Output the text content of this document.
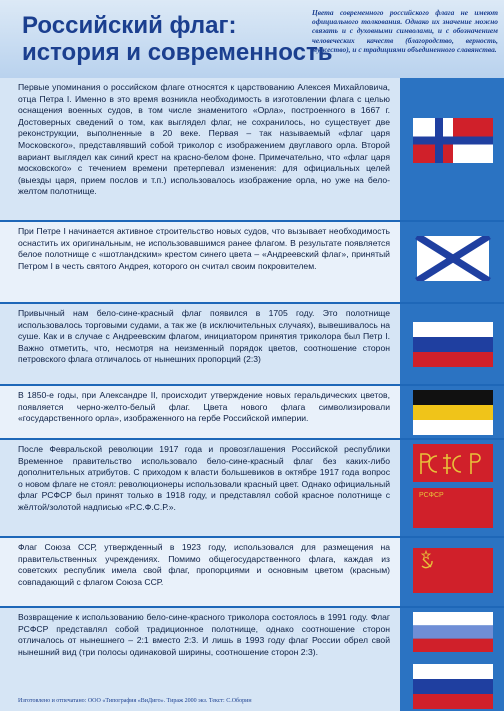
Российский флаг:
история и современность
Цвета современного российского флага не имеют официального толкования. Однако их значение можно связать и с духовными символами, и с обозначением человеческих качеств (благородство, верность, мужество), и с традициями объединенного славянства.
Первые упоминания о российском флаге относятся к царствованию Алексея Михайловича, отца Петра I. Именно в это время возникла необходимость в изготовлении флага с целью оснащения военных судов, в том числе знаменитого «Орла», построенного в 1667 г. Достоверных сведений о том, как выглядел флаг, не сохранилось, но существует две реконструкции, выполненные в 20 веке. Первая – так называемый «флаг царя Московского», представлявший собой триколор с изображением двуглавого орла. Второй вариант выглядел как синий крест на красно-белом фоне. Примечательно, что «флаг царя московского» с течением времени претерпевал изменения: для официальных целей (выезды царя, прием послов и т.п.) использовалось изображение орла, но уже на бело-желтом полотнище.
При Петре I начинается активное строительство новых судов, что вызывает необходимость оснастить их оригинальным, не использовавшимся ранее флагом. В результате появляется белое полотнище с «шотландским» крестом синего цвета – «Андреевский флаг», принятый Петром I в честь святого Андрея, которого он считал своим покровителем.
Привычный нам бело-сине-красный флаг появился в 1705 году. Это полотнище использовалось торговыми судами, а так же (в исключительных случаях), вывешивалось на суше. Как и в случае с Андреевским флагом, инициатором принятия триколора был Петр I. Важно отметить, что, несмотря на неизменный порядок цветов, соотношение сторон петровского флага отличалось от нынешних пропорций (2:3)
В 1850-е годы, при Александре II, происходит утверждение новых геральдических цветов, появляется черно-желто-белый флаг. Цвета нового флага символизировали «государственного орла», изображенного на гербе Российской империи.
После Февральской революции 1917 года и провозглашения Российской республики Временное правительство использовало бело-сине-красный флаг без каких-либо дополнительных атрибутов. С приходом к власти большевиков в октябре 1917 года вопрос о новом флаге не стоял: революционеры использовали красный цвет. Однако официальный флаг РСФСР был принят только в 1918 году, и представлял собой красное полотнище с жёлтой/золотой надписью «Р.С.Ф.С.Р.».
РСФСР
Флаг Союза ССР, утвержденный в 1923 году, использовался для размещения на правительственных учреждениях. Помимо общегосударственного флага, каждая из советских республик имела свой флаг, пропорциями и основным цветом (красным) совпадающий с флагом Союза ССР.
Возвращение к использованию бело-сине-красного триколора состоялось в 1991 году. Флаг РСФСР представлял собой традиционное полотнище, однако соотношение сторон отличалось от нынешнего – 2:1 вместо 2:3. И лишь в 1993 году флаг России обрел свой нынешний вид (три полосы одинаковой ширины, соотношение сторон 2:3).
Изготовлено и отпечатано: ООО «Типография «ВиДиго». Тираж 2000 экз. Текст: С.Оборин
